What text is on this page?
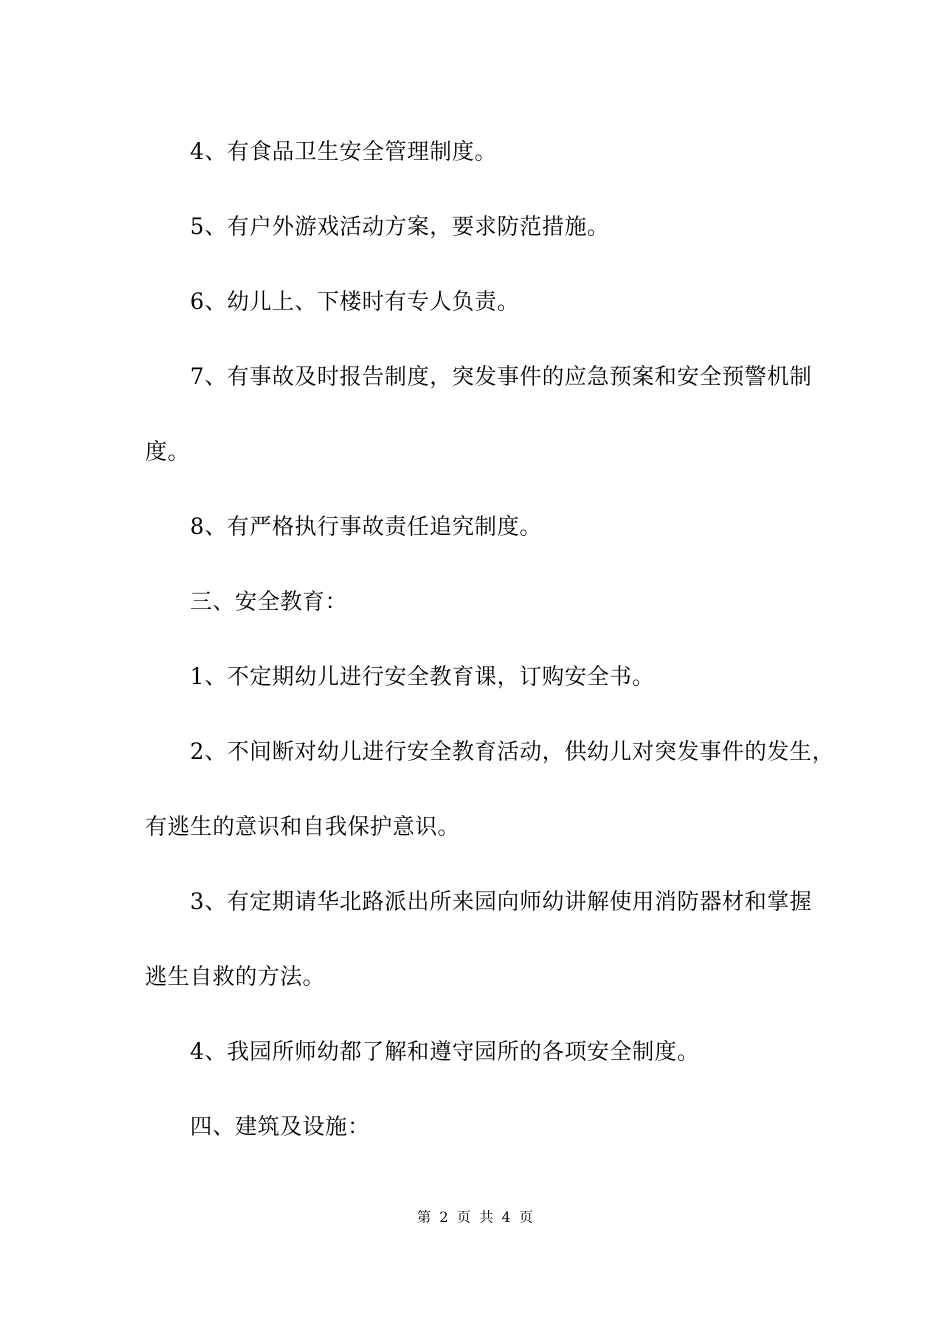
4、有食品卫生安全管理制度。
5、有户外游戏活动方案，要求防范措施。
6、幼儿上、下楼时有专人负责。
7、有事故及时报告制度，突发事件的应急预案和安全预警机制
度。
8、有严格执行事故责任追究制度。
三、安全教育：
1、不定期幼儿进行安全教育课，订购安全书。
2、不间断对幼儿进行安全教育活动，供幼儿对突发事件的发生，
有逃生的意识和自我保护意识。
3、有定期请华北路派出所来园向师幼讲解使用消防器材和掌握
逃生自救的方法。
4、我园所师幼都了解和遵守园所的各项安全制度。
四、建筑及设施：
第 2 页 共 4 页
